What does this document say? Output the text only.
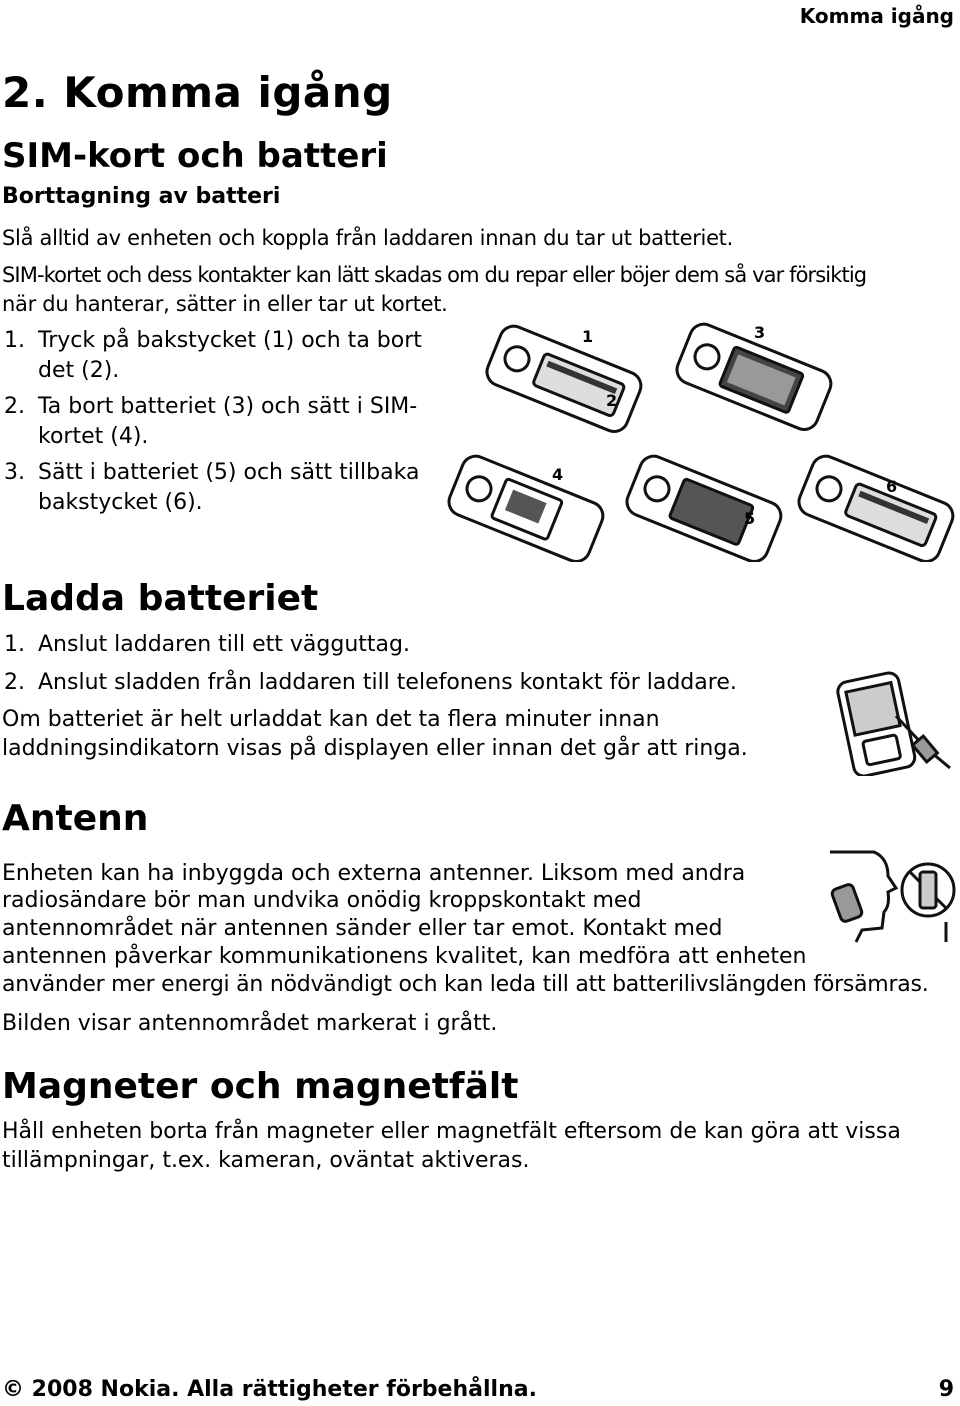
Komma igång
2. Komma igång
SIM-kort och batteri
Borttagning av batteri
Slå alltid av enheten och koppla från laddaren innan du tar ut batteriet.
SIM-kortet och dess kontakter kan lätt skadas om du repar eller böjer dem så var försiktig
när du hanterar, sätter in eller tar ut kortet.
1. Tryck på bakstycket (1) och ta bort
det (2).
2. Ta bort batteriet (3) och sätt i SIM-
kortet (4).
3. Sätt i batteriet (5) och sätt tillbaka
bakstycket (6).
1
2
3
4
5
6
Ladda batteriet
1. Anslut laddaren till ett vägguttag.
2. Anslut sladden från laddaren till telefonens kontakt för laddare.
Om batteriet är helt urladdat kan det ta flera minuter innan
laddningsindikatorn visas på displayen eller innan det går att ringa.
Antenn
Enheten kan ha inbyggda och externa antenner. Liksom med andra
radiosändare bör man undvika onödig kroppskontakt med
antennområdet när antennen sänder eller tar emot. Kontakt med
antennen påverkar kommunikationens kvalitet, kan medföra att enheten
använder mer energi än nödvändigt och kan leda till att batterilivslängden försämras.
Bilden visar antennområdet markerat i grått.
Magneter och magnetfält
Håll enheten borta från magneter eller magnetfält eftersom de kan göra att vissa
tillämpningar, t.ex. kameran, oväntat aktiveras.
© 2008 Nokia. Alla rättigheter förbehållna.	9
